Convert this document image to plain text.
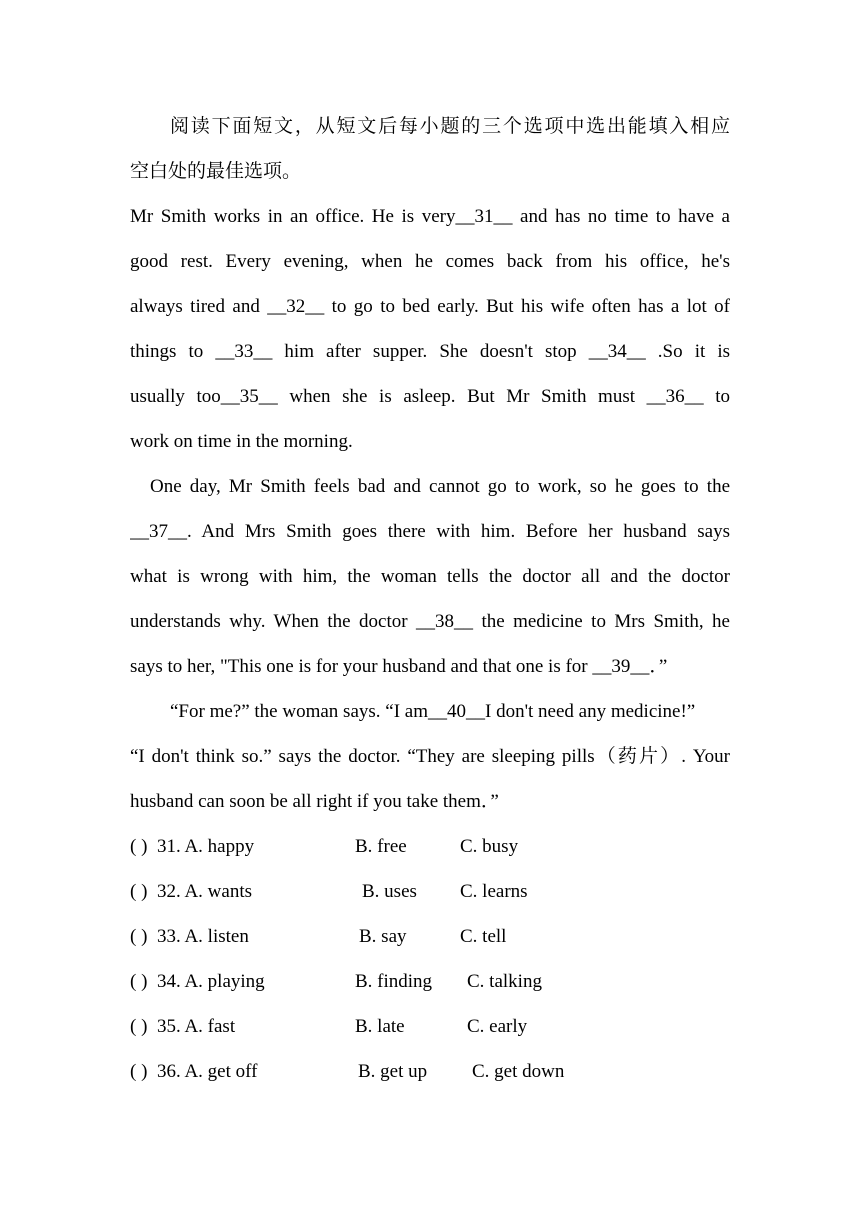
阅读下面短文，从短文后每小题的三个选项中选出能填入相应
空白处的最佳选项。
Mr Smith works in an office. He is very__31__ and has no time to have a
good rest. Every evening, when he comes back from his office, he's
always tired and __32__ to go to bed early. But his wife often has a lot of
things to __33__ him after supper. She doesn't stop __34__ .So it is
usually too__35__ when she is asleep. But Mr Smith must __36__ to
work on time in the morning.
One day, Mr Smith feels bad and cannot go to work, so he goes to the
__37__. And Mrs Smith goes there with him. Before her husband says
what is wrong with him, the woman tells the doctor all and the doctor
understands why. When the doctor __38__ the medicine to Mrs Smith, he
says to her, "This one is for your husband and that one is for __39__．”
“For me?” the woman says. “I am__40__I don't need any medicine!”
“I don't think so.” says the doctor. “They are sleeping pills（药片）. Your
husband can soon be all right if you take them．”
( ) 31. A. happy	B. free	C. busy
( ) 32. A. wants	B. uses C. learns
( ) 33. A. listen	B. say	C. tell
( ) 34. A. playing	B. finding C. talking
( ) 35. A. fast	B. late	C. early
( ) 36. A. get off	B. get up C. get down
